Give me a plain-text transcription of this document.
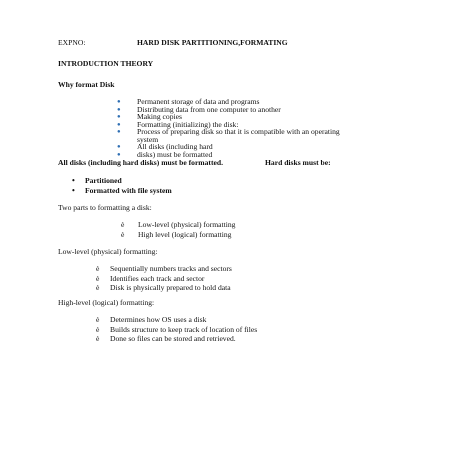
EXPNO:	HARD DISK PARTITIONING,FORMATING
INTRODUCTION THEORY
Why format Disk
● Permanent storage of data and programs
● Distributing data from one computer to another
● Making copies
● Formatting (initializing) the disk:
● Process of preparing disk so that it is compatible with an operating
system
● All disks (including hard
● disks) must be formatted
All disks (including hard disks) must be formatted.	Hard disks must be:
• Partitioned
• Formatted with file system
Two parts to formatting a disk:
è Low-level (physical) formatting
è High level (logical) formatting
Low-level (physical) formatting:
è Sequentially numbers tracks and sectors
è Identifies each track and sector
è Disk is physically prepared to hold data
High-level (logical) formatting:
è Determines how OS uses a disk
è Builds structure to keep track of location of files
è Done so files can be stored and retrieved.
